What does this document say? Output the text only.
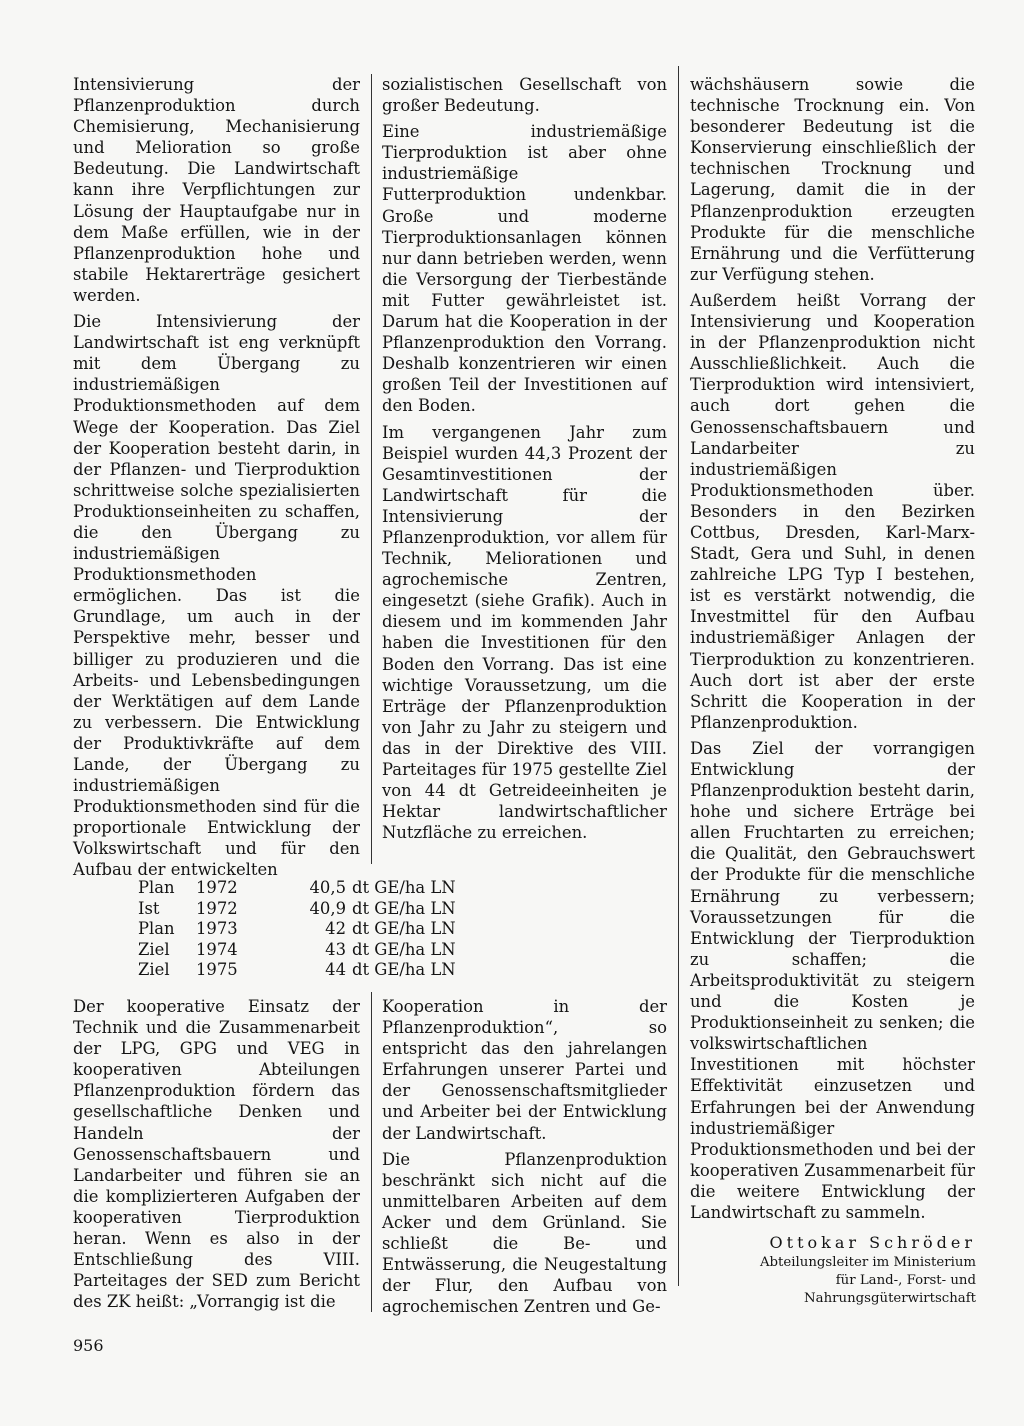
Intensivierung der Pflanzenproduktion durch Chemisierung, Mechanisierung und Melioration so große Bedeutung. Die Landwirtschaft kann ihre Verpflichtungen zur Lösung der Hauptaufgabe nur in dem Maße erfüllen, wie in der Pflanzenproduktion hohe und stabile Hektarerträge gesichert werden.

Die Intensivierung der Landwirtschaft ist eng verknüpft mit dem Übergang zu industriemäßigen Produktionsmethoden auf dem Wege der Kooperation. Das Ziel der Kooperation besteht darin, in der Pflanzen- und Tierproduktion schrittweise solche spezialisierten Produktionseinheiten zu schaffen, die den Übergang zu industriemäßigen Produktionsmethoden ermöglichen. Das ist die Grundlage, um auch in der Perspektive mehr, besser und billiger zu produzieren und die Arbeits- und Lebensbedingungen der Werktätigen auf dem Lande zu verbessern. Die Entwicklung der Produktivkräfte auf dem Lande, der Übergang zu industriemäßigen Produktionsmethoden sind für die proportionale Entwicklung der Volkswirtschaft und für den Aufbau der entwickelten

sozialistischen Gesellschaft von großer Bedeutung.

Eine industriemäßige Tierproduktion ist aber ohne industriemäßige Futterproduktion undenkbar. Große und moderne Tierproduktionsanlagen können nur dann betrieben werden, wenn die Versorgung der Tierbestände mit Futter gewährleistet ist. Darum hat die Kooperation in der Pflanzenproduktion den Vorrang. Deshalb konzentrieren wir einen großen Teil der Investitionen auf den Boden.

Im vergangenen Jahr zum Beispiel wurden 44,3 Prozent der Gesamtinvestitionen der Landwirtschaft für die Intensivierung der Pflanzenproduktion, vor allem für Technik, Meliorationen und agrochemische Zentren, eingesetzt (siehe Grafik). Auch in diesem und im kommenden Jahr haben die Investitionen für den Boden den Vorrang. Das ist eine wichtige Voraussetzung, um die Erträge der Pflanzenproduktion von Jahr zu Jahr zu steigern und das in der Direktive des VIII. Parteitages für 1975 gestellte Ziel von 44 dt Getreideeinheiten je Hektar landwirtschaftlicher Nutzfläche zu erreichen.

wächshäusern sowie die technische Trocknung ein. Von besonderer Bedeutung ist die Konservierung einschließlich der technischen Trocknung und Lagerung, damit die in der Pflanzenproduktion erzeugten Produkte für die menschliche Ernährung und die Verfütterung zur Verfügung stehen.

Außerdem heißt Vorrang der Intensivierung und Kooperation in der Pflanzenproduktion nicht Ausschließlichkeit. Auch die Tierproduktion wird intensiviert, auch dort gehen die Genossenschaftsbauern und Landarbeiter zu industriemäßigen Produktionsmethoden über. Besonders in den Bezirken Cottbus, Dresden, Karl-Marx-Stadt, Gera und Suhl, in denen zahlreiche LPG Typ I bestehen, ist es verstärkt notwendig, die Investmittel für den Aufbau industriemäßiger Anlagen der Tierproduktion zu konzentrieren. Auch dort ist aber der erste Schritt die Kooperation in der Pflanzenproduktion.

Das Ziel der vorrangigen Entwicklung der Pflanzenproduktion besteht darin, hohe und sichere Erträge bei allen Fruchtarten zu erreichen; die Qualität, den Gebrauchswert der Produkte für die menschliche Ernährung zu verbessern; Voraussetzungen für die Entwicklung der Tierproduktion zu schaffen; die Arbeitsproduktivität zu steigern und die Kosten je Produktionseinheit zu senken; die volkswirtschaftlichen Investitionen mit höchster Effektivität einzusetzen und Erfahrungen bei der Anwendung industriemäßiger Produktionsmethoden und bei der kooperativen Zusammenarbeit für die weitere Entwicklung der Landwirtschaft zu sammeln.

Plan	1972	40,5	dt GE/ha LN
Ist	1972	40,9	dt GE/ha LN
Plan	1973	42	dt GE/ha LN
Ziel	1974	43	dt GE/ha LN
Ziel	1975	44	dt GE/ha LN

Der kooperative Einsatz der Technik und die Zusammenarbeit der LPG, GPG und VEG in kooperativen Abteilungen Pflanzenproduktion fördern das gesellschaftliche Denken und Handeln der Genossenschaftsbauern und Landarbeiter und führen sie an die komplizierteren Aufgaben der kooperativen Tierproduktion heran. Wenn es also in der Entschließung des VIII. Parteitages der SED zum Bericht des ZK heißt: „Vorrangig ist die

Kooperation in der Pflanzenproduktion“, so entspricht das den jahrelangen Erfahrungen unserer Partei und der Genossenschaftsmitglieder und Arbeiter bei der Entwicklung der Landwirtschaft.

Die Pflanzenproduktion beschränkt sich nicht auf die unmittelbaren Arbeiten auf dem Acker und dem Grünland. Sie schließt die Be- und Entwässerung, die Neugestaltung der Flur, den Aufbau von agrochemischen Zentren und Ge-

Ottokar Schröder
Abteilungsleiter im Ministerium
für Land-, Forst- und
Nahrungsgüterwirtschaft
956
